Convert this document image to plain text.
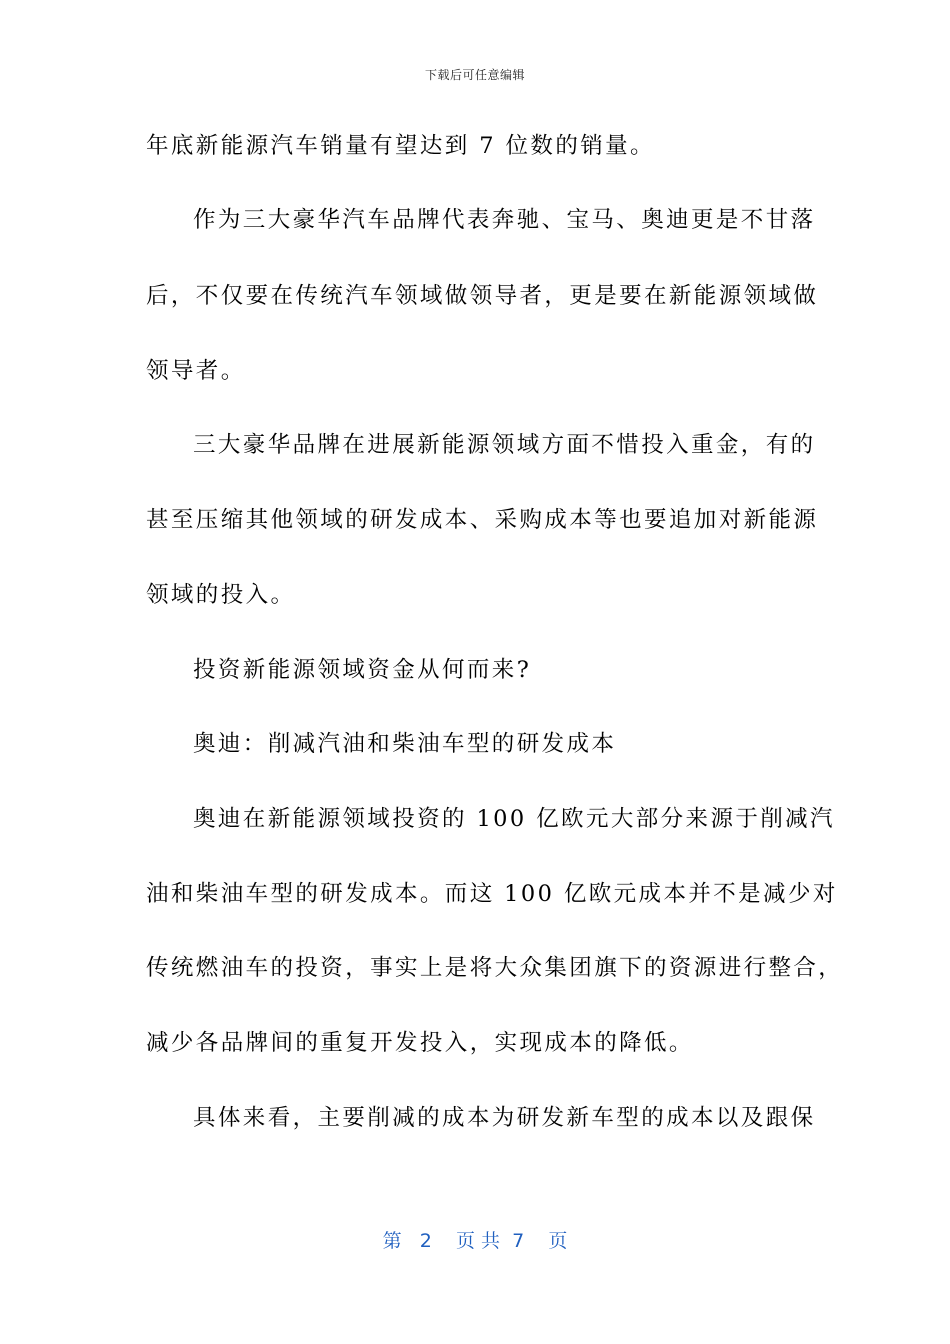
下载后可任意编辑
年底新能源汽车销量有望达到 7 位数的销量。
作为三大豪华汽车品牌代表奔驰、宝马、奥迪更是不甘落
后，不仅要在传统汽车领域做领导者，更是要在新能源领域做
领导者。
三大豪华品牌在进展新能源领域方面不惜投入重金，有的
甚至压缩其他领域的研发成本、采购成本等也要追加对新能源
领域的投入。
投资新能源领域资金从何而来?
奥迪：削减汽油和柴油车型的研发成本
奥迪在新能源领域投资的 100 亿欧元大部分来源于削减汽
油和柴油车型的研发成本。而这 100 亿欧元成本并不是减少对
传统燃油车的投资，事实上是将大众集团旗下的资源进行整合，
减少各品牌间的重复开发投入，实现成本的降低。
具体来看，主要削减的成本为研发新车型的成本以及跟保
第 2 页 共 7 页
